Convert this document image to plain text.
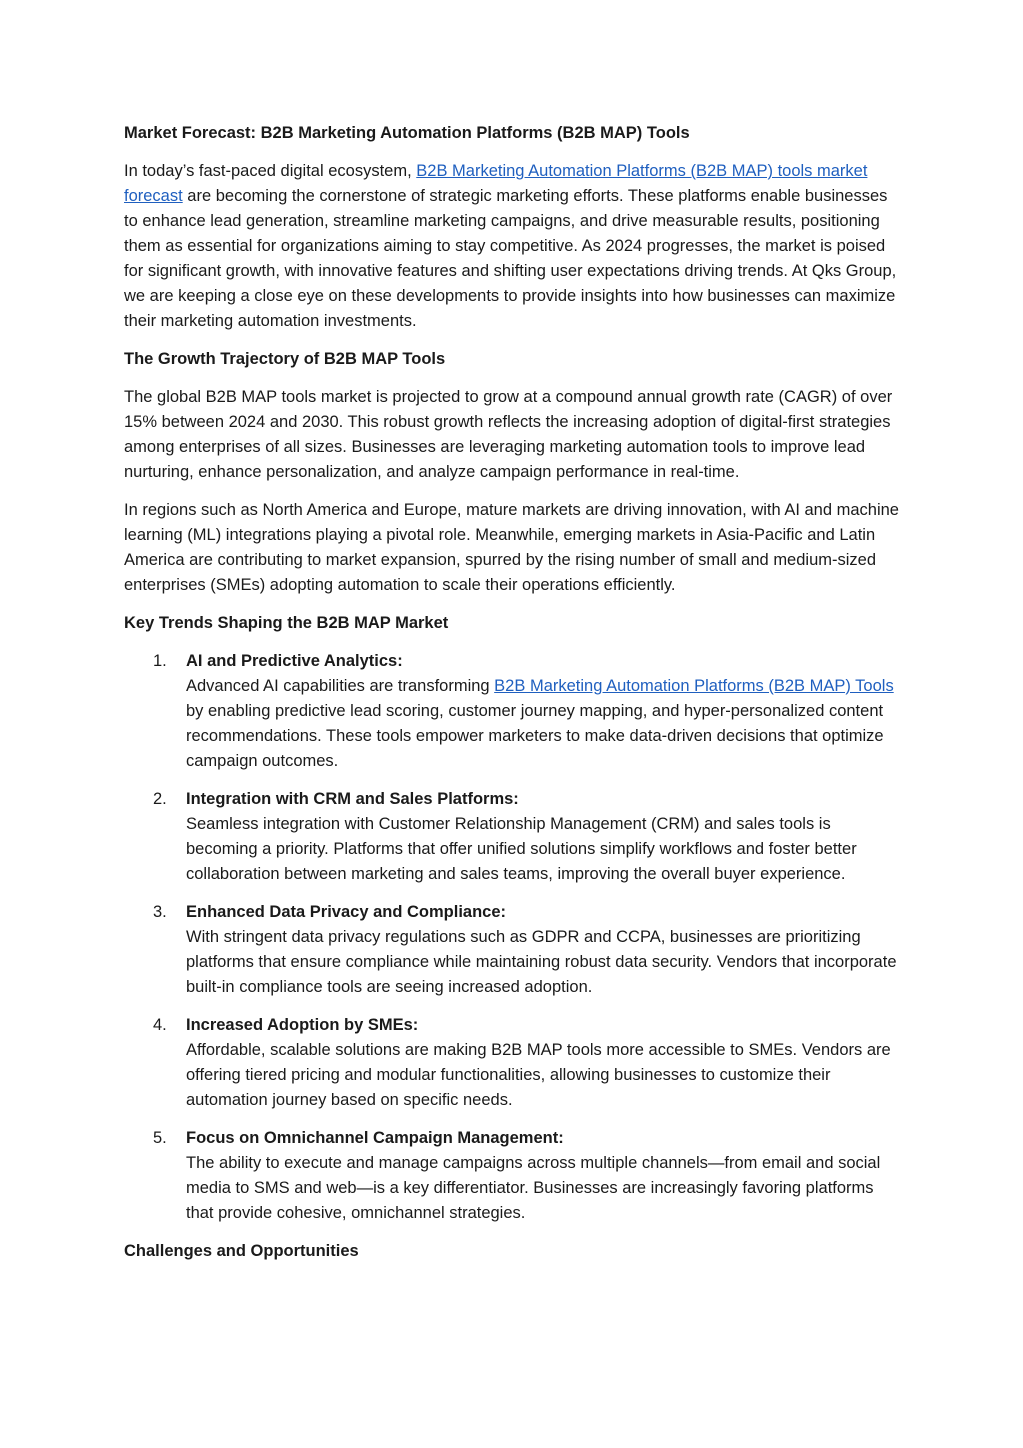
Market Forecast: B2B Marketing Automation Platforms (B2B MAP) Tools

In today’s fast-paced digital ecosystem, B2B Marketing Automation Platforms (B2B MAP) tools market forecast are becoming the cornerstone of strategic marketing efforts. These platforms enable businesses to enhance lead generation, streamline marketing campaigns, and drive measurable results, positioning them as essential for organizations aiming to stay competitive. As 2024 progresses, the market is poised for significant growth, with innovative features and shifting user expectations driving trends. At Qks Group, we are keeping a close eye on these developments to provide insights into how businesses can maximize their marketing automation investments.

The Growth Trajectory of B2B MAP Tools

The global B2B MAP tools market is projected to grow at a compound annual growth rate (CAGR) of over 15% between 2024 and 2030. This robust growth reflects the increasing adoption of digital-first strategies among enterprises of all sizes. Businesses are leveraging marketing automation tools to improve lead nurturing, enhance personalization, and analyze campaign performance in real-time.

In regions such as North America and Europe, mature markets are driving innovation, with AI and machine learning (ML) integrations playing a pivotal role. Meanwhile, emerging markets in Asia-Pacific and Latin America are contributing to market expansion, spurred by the rising number of small and medium-sized enterprises (SMEs) adopting automation to scale their operations efficiently.

Key Trends Shaping the B2B MAP Market
1. AI and Predictive Analytics:
Advanced AI capabilities are transforming B2B Marketing Automation Platforms (B2B MAP) Tools by enabling predictive lead scoring, customer journey mapping, and hyper-personalized content recommendations. These tools empower marketers to make data-driven decisions that optimize campaign outcomes.
2. Integration with CRM and Sales Platforms:
Seamless integration with Customer Relationship Management (CRM) and sales tools is becoming a priority. Platforms that offer unified solutions simplify workflows and foster better collaboration between marketing and sales teams, improving the overall buyer experience.
3. Enhanced Data Privacy and Compliance:
With stringent data privacy regulations such as GDPR and CCPA, businesses are prioritizing platforms that ensure compliance while maintaining robust data security. Vendors that incorporate built-in compliance tools are seeing increased adoption.
4. Increased Adoption by SMEs:
Affordable, scalable solutions are making B2B MAP tools more accessible to SMEs. Vendors are offering tiered pricing and modular functionalities, allowing businesses to customize their automation journey based on specific needs.
5. Focus on Omnichannel Campaign Management:
The ability to execute and manage campaigns across multiple channels—from email and social media to SMS and web—is a key differentiator. Businesses are increasingly favoring platforms that provide cohesive, omnichannel strategies.
Challenges and Opportunities
